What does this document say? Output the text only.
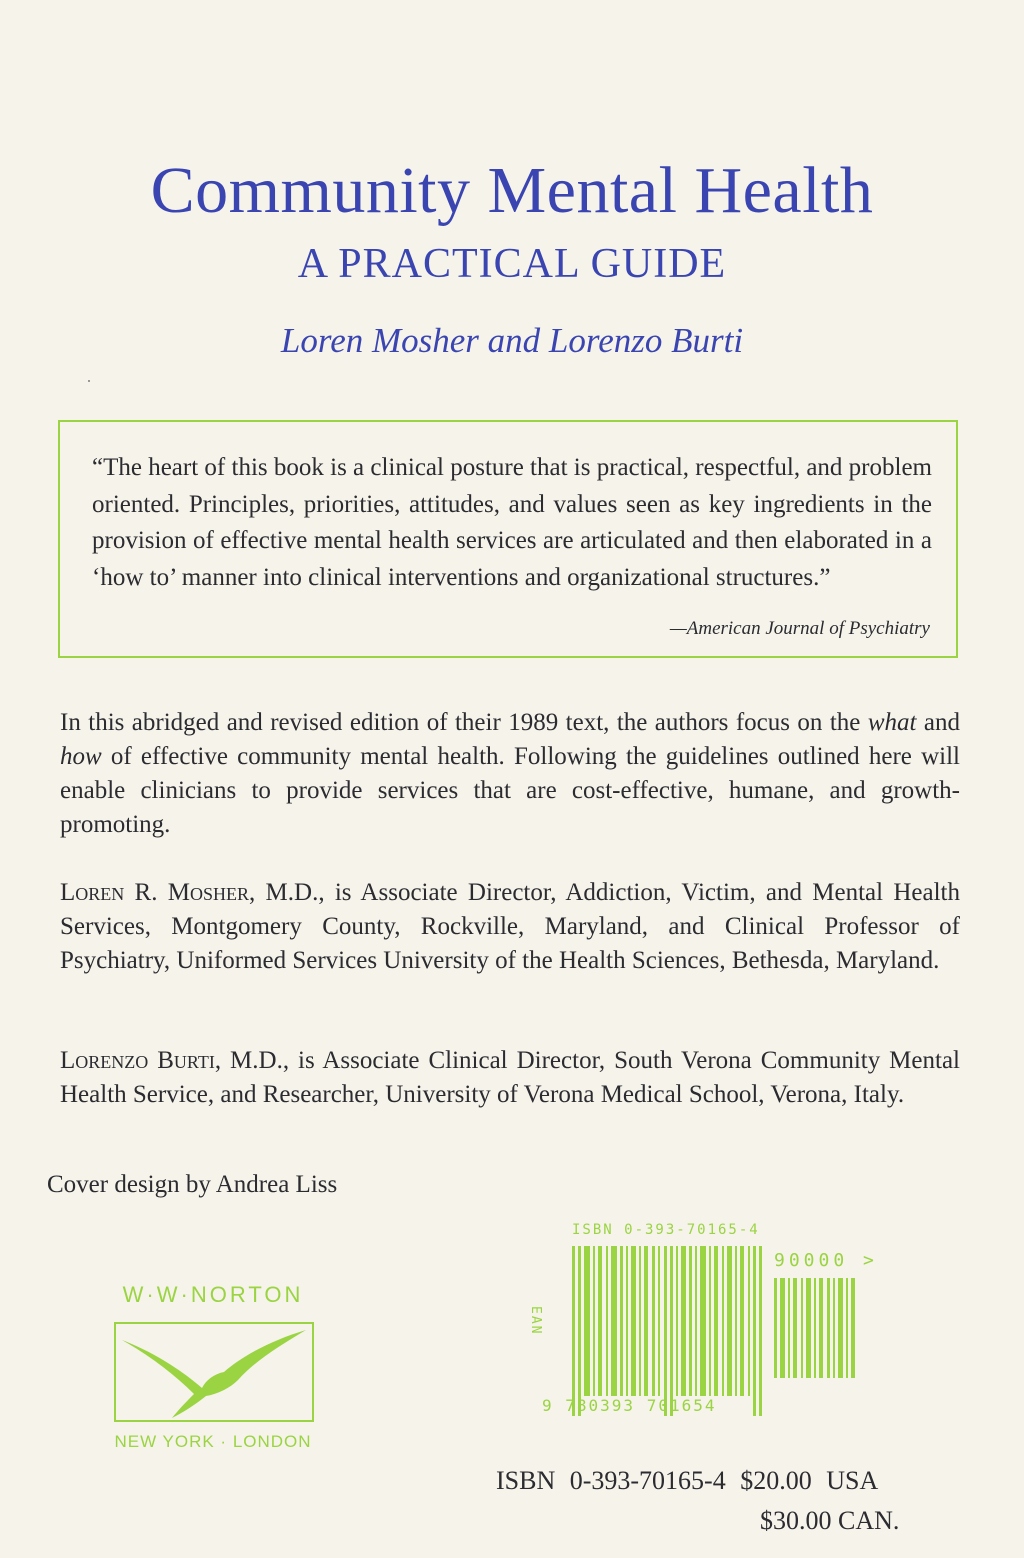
Community Mental Health
A PRACTICAL GUIDE
Loren Mosher and Lorenzo Burti
“The heart of this book is a clinical posture that is practical, respectful, and problem oriented. Principles, priorities, attitudes, and values seen as key ingredients in the provision of effective mental health services are articulated and then elaborated in a ‘how to’ manner into clinical interventions and organizational structures.”
—American Journal of Psychiatry
In this abridged and revised edition of their 1989 text, the authors focus on the what and how of effective community mental health. Following the guidelines outlined here will enable clinicians to provide services that are cost-effective, humane, and growth-promoting.
Loren R. Mosher, M.D., is Associate Director, Addiction, Victim, and Mental Health Services, Montgomery County, Rockville, Maryland, and Clinical Professor of Psychiatry, Uniformed Services University of the Health Sciences, Bethesda, Maryland.
Lorenzo Burti, M.D., is Associate Clinical Director, South Verona Community Mental Health Service, and Researcher, University of Verona Medical School, Verona, Italy.
Cover design by Andrea Liss
W·W·NORTON
NEW YORK · LONDON
ISBN 0-393-70165-4
EAN
90000 >
9 780393 701654
ISBN 0-393-70165-4 $20.00 USA
$30.00 CAN.
